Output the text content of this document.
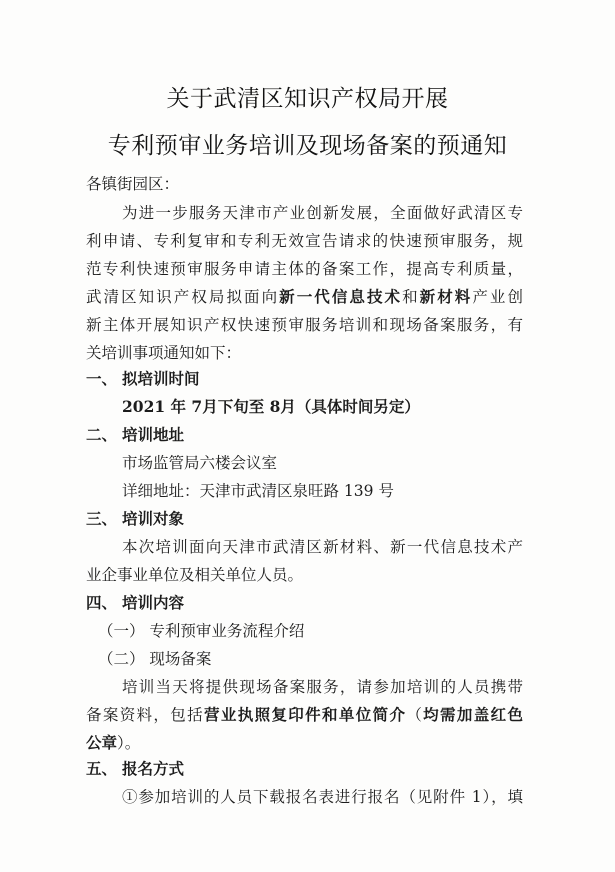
关于武清区知识产权局开展
专利预审业务培训及现场备案的预通知
各镇街园区：
为进一步服务天津市产业创新发展，全面做好武清区专
利申请、专利复审和专利无效宣告请求的快速预审服务，规
范专利快速预审服务申请主体的备案工作，提高专利质量，
武清区知识产权局拟面向新一代信息技术和新材料产业创
新主体开展知识产权快速预审服务培训和现场备案服务，有
关培训事项通知如下：
一、 拟培训时间
2021 年 7月下旬至 8月（具体时间另定）
二、 培训地址
市场监管局六楼会议室
详细地址：天津市武清区泉旺路 139 号
三、 培训对象
本次培训面向天津市武清区新材料、新一代信息技术产
业企事业单位及相关单位人员。
四、 培训内容
（一） 专利预审业务流程介绍
（二） 现场备案
培训当天将提供现场备案服务，请参加培训的人员携带
备案资料，包括营业执照复印件和单位简介（均需加盖红色
公章）。
五、 报名方式
①参加培训的人员下载报名表进行报名（见附件 1），填
